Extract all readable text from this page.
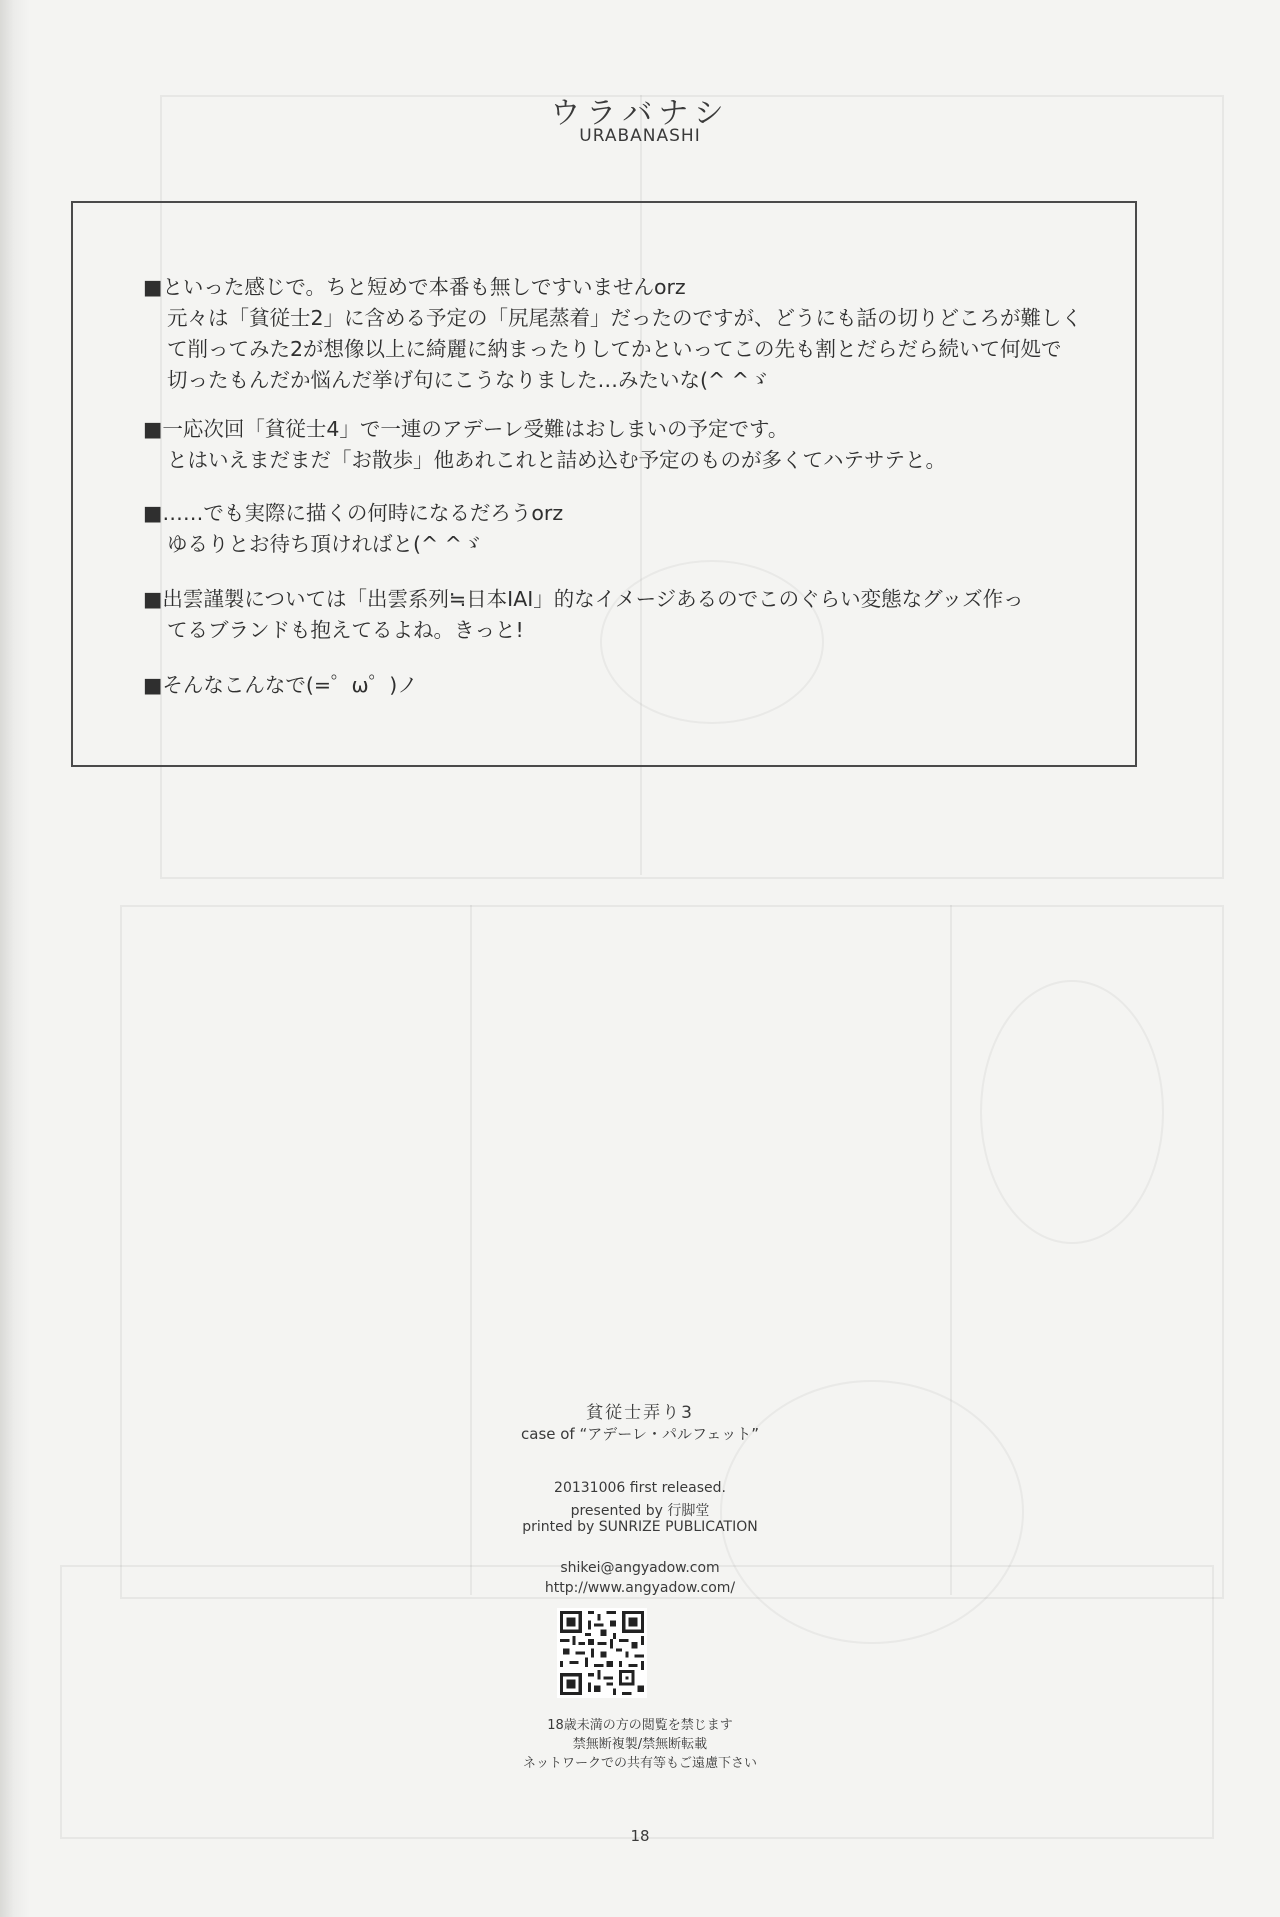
ウラバナシ
URABANASHI

■といった感じで。ちと短めで本番も無しですいませんorz

元々は「貧従士2」に含める予定の「尻尾蒸着」だったのですが、どうにも話の切りどころが難しく

て削ってみた2が想像以上に綺麗に納まったりしてかといってこの先も割とだらだら続いて何処で

切ったもんだか悩んだ挙げ句にこうなりました…みたいな(^ ^ゞ

■一応次回「貧従士4」で一連のアデーレ受難はおしまいの予定です。

とはいえまだまだ「お散歩」他あれこれと詰め込む予定のものが多くてハテサテと。

■……でも実際に描くの何時になるだろうorz

ゆるりとお待ち頂ければと(^ ^ゞ

■出雲謹製については「出雲系列≒日本IAI」的なイメージあるのでこのぐらい変態なグッズ作っ

てるブランドも抱えてるよね。きっと!

■そんなこんなで(=゜ω゜)ノ

貧従士弄り3
case of “アデーレ・パルフェット”
20131006 first released.
presented by 行脚堂
printed by SUNRIZE PUBLICATION
shikei@angyadow.com
http://www.angyadow.com/
18歳未満の方の閲覧を禁じます
禁無断複製/禁無断転載
ネットワークでの共有等もご遠慮下さい
18
